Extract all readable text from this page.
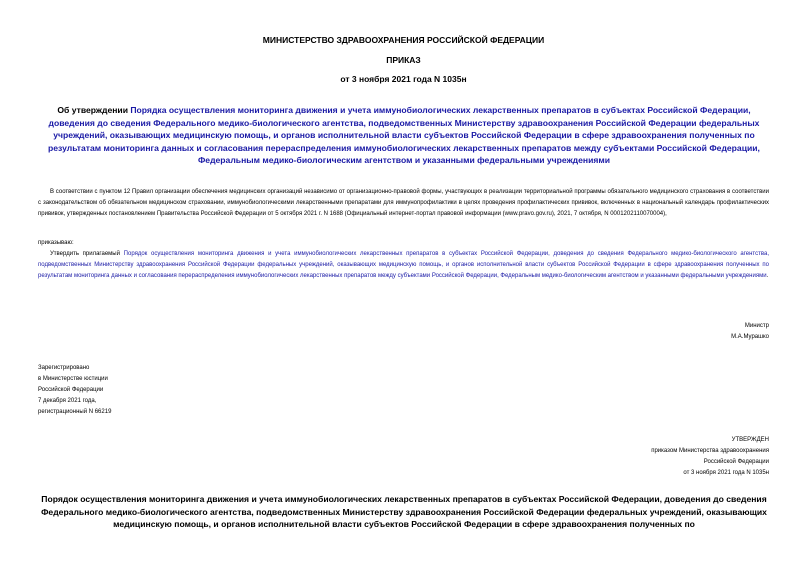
МИНИСТЕРСТВО ЗДРАВООХРАНЕНИЯ РОССИЙСКОЙ ФЕДЕРАЦИИ
ПРИКАЗ
от 3 ноября 2021 года N 1035н
Об утверждении Порядка осуществления мониторинга движения и учета иммунобиологических лекарственных препаратов в субъектах Российской Федерации, доведения до сведения Федерального медико-биологического агентства, подведомственных Министерству здравоохранения Российской Федерации федеральных учреждений, оказывающих медицинскую помощь, и органов исполнительной власти субъектов Российской Федерации в сфере здравоохранения полученных по результатам мониторинга данных и согласования перераспределения иммунобиологических лекарственных препаратов между субъектами Российской Федерации, Федеральным медико-биологическим агентством и указанными федеральными учреждениями
В соответствии с пунктом 12 Правил организации обеспечения медицинских организаций независимо от организационно-правовой формы, участвующих в реализации территориальной программы обязательного медицинского страхования в соответствии с законодательством об обязательном медицинском страховании, иммунобиологическими лекарственными препаратами для иммунопрофилактики в целях проведения профилактических прививок, включенных в национальный календарь профилактических прививок, утвержденных постановлением Правительства Российской Федерации от 5 октября 2021 г. N 1688 (Официальный интернет-портал правовой информации (www.pravo.gov.ru), 2021, 7 октября, N 0001202110070004),
приказываю:
Утвердить прилагаемый Порядок осуществления мониторинга движения и учета иммунобиологических лекарственных препаратов в субъектах Российской Федерации, доведения до сведения Федерального медико-биологического агентства, подведомственных Министерству здравоохранения Российской Федерации федеральных учреждений, оказывающих медицинскую помощь, и органов исполнительной власти субъектов Российской Федерации в сфере здравоохранения полученных по результатам мониторинга данных и согласования перераспределения иммунобиологических лекарственных препаратов между субъектами Российской Федерации, Федеральным медико-биологическим агентством и указанными федеральными учреждениями.
Министр
М.А.Мурашко
Зарегистрировано
в Министерстве юстиции
Российской Федерации
7 декабря 2021 года,
регистрационный N 66219
УТВЕРЖДЕН
приказом Министерства здравоохранения
Российской Федерации
от 3 ноября 2021 года N 1035н
Порядок осуществления мониторинга движения и учета иммунобиологических лекарственных препаратов в субъектах Российской Федерации, доведения до сведения Федерального медико-биологического агентства, подведомственных Министерству здравоохранения Российской Федерации федеральных учреждений, оказывающих медицинскую помощь, и органов исполнительной власти субъектов Российской Федерации в сфере здравоохранения полученных по
